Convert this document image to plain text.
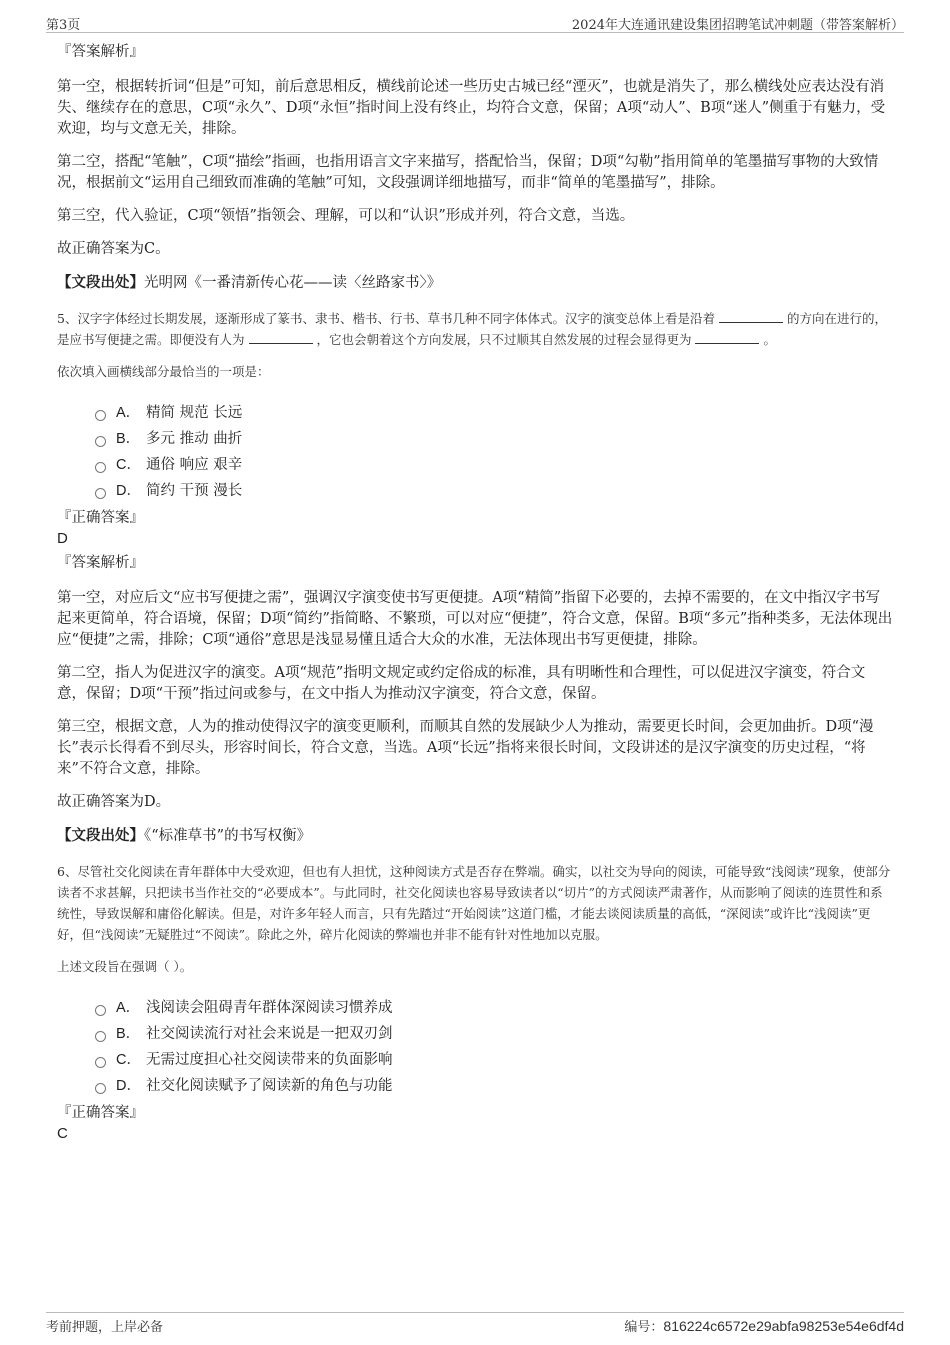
第3页	2024年大连通讯建设集团招聘笔试冲刺题（带答案解析）

『答案解析』

第一空，根据转折词“但是”可知，前后意思相反，横线前论述一些历史古城已经“湮灭”，也就是消失了，那么横线处应表达没有消失、继续存在的意思，C项“永久”、D项“永恒”指时间上没有终止，均符合文意，保留；A项“动人”、B项“迷人”侧重于有魅力，受欢迎，均与文意无关，排除。

第二空，搭配“笔触”，C项“描绘”指画，也指用语言文字来描写，搭配恰当，保留；D项“勾勒”指用简单的笔墨描写事物的大致情况，根据前文“运用自己细致而准确的笔触”可知，文段强调详细地描写，而非“简单的笔墨描写”，排除。

第三空，代入验证，C项“领悟”指领会、理解，可以和“认识”形成并列，符合文意，当选。

故正确答案为C。

【文段出处】光明网《一番清新传心花——读〈丝路家书〉》

5、汉字字体经过长期发展，逐渐形成了篆书、隶书、楷书、行书、草书几种不同字体体式。汉字的演变总体上看是沿着	的方向在进行的，是应书写便捷之需。即便没有人为	，它也会朝着这个方向发展，只不过顺其自然发展的过程会显得更为	。

依次填入画横线部分最恰当的一项是：

A． 精简 规范 长远
B． 多元 推动 曲折
C． 通俗 响应 艰辛
D． 简约 干预 漫长

『正确答案』

D

『答案解析』

第一空，对应后文“应书写便捷之需”，强调汉字演变使书写更便捷。A项“精简”指留下必要的，去掉不需要的，在文中指汉字书写起来更简单，符合语境，保留；D项“简约”指简略、不繁琐，可以对应“便捷”，符合文意，保留。B项“多元”指种类多，无法体现出应“便捷”之需，排除；C项“通俗”意思是浅显易懂且适合大众的水准，无法体现出书写更便捷，排除。

第二空，指人为促进汉字的演变。A项“规范”指明文规定或约定俗成的标准，具有明晰性和合理性，可以促进汉字演变，符合文意，保留；D项“干预”指过问或参与，在文中指人为推动汉字演变，符合文意，保留。

第三空，根据文意，人为的推动使得汉字的演变更顺利，而顺其自然的发展缺少人为推动，需要更长时间，会更加曲折。D项“漫长”表示长得看不到尽头，形容时间长，符合文意，当选。A项“长远”指将来很长时间，文段讲述的是汉字演变的历史过程，“将来”不符合文意，排除。

故正确答案为D。

【文段出处】《“标准草书”的书写权衡》

6、尽管社交化阅读在青年群体中大受欢迎，但也有人担忧，这种阅读方式是否存在弊端。确实，以社交为导向的阅读，可能导致“浅阅读”现象，使部分读者不求甚解，只把读书当作社交的“必要成本”。与此同时，社交化阅读也容易导致读者以“切片”的方式阅读严肃著作，从而影响了阅读的连贯性和系统性，导致误解和庸俗化解读。但是，对许多年轻人而言，只有先踏过“开始阅读”这道门槛，才能去谈阅读质量的高低，“深阅读”或许比“浅阅读”更好，但“浅阅读”无疑胜过“不阅读”。除此之外，碎片化阅读的弊端也并非不能有针对性地加以克服。

上述文段旨在强调（ ）。

A． 浅阅读会阻碍青年群体深阅读习惯养成
B． 社交阅读流行对社会来说是一把双刃剑
C． 无需过度担心社交阅读带来的负面影响
D． 社交化阅读赋予了阅读新的角色与功能

『正确答案』

C

考前押题，上岸必备	编号：816224c6572e29abfa98253e54e6df4d
